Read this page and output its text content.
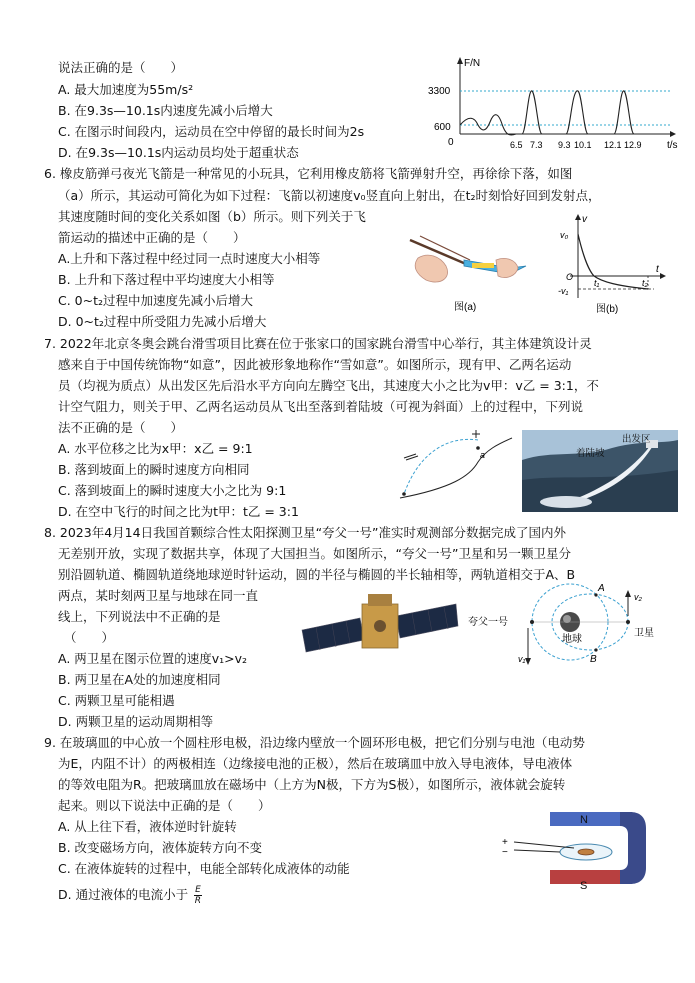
说法正确的是（　　）
A. 最大加速度为55m/s²
B. 在9.3s—10.1s内速度先减小后增大
C. 在图示时间段内，运动员在空中停留的最长时间为2s
D. 在9.3s—10.1s内运动员均处于超重状态
F/N
t/s
3300
600
0	6.5 7.3 9.3 10.1 12.1 12.9
6. 橡皮筋弹弓夜光飞箭是一种常见的小玩具，它利用橡皮筋将飞箭弹射升空，再徐徐下落，如图
（a）所示，其运动可简化为如下过程：飞箭以初速度v₀竖直向上射出，在t₂时刻恰好回到发射点，
其速度随时间的变化关系如图（b）所示。则下列关于飞
箭运动的描述中正确的是（　　）
A.上升和下落过程中经过同一点时速度大小相等
B. 上升和下落过程中平均速度大小相等
C. 0~t₂过程中加速度先减小后增大
D. 0~t₂过程中所受阻力先减小后增大
图(a)
v
v₀
O
t
-v₁
t₁	t₂
图(b)
7. 2022年北京冬奥会跳台滑雪项目比赛在位于张家口的国家跳台滑雪中心举行，其主体建筑设计灵
感来自于中国传统饰物“如意”，因此被形象地称作“雪如意”。如图所示，现有甲、乙两名运动
员（均视为质点）从出发区先后沿水平方向向左腾空飞出，其速度大小之比为v甲：v乙 = 3:1，不
计空气阻力，则关于甲、乙两名运动员从飞出至落到着陆坡（可视为斜面）上的过程中，下列说
法不正确的是（　　）
A. 水平位移之比为x甲：x乙 = 9:1
B. 落到坡面上的瞬时速度方向相同
C. 落到坡面上的瞬时速度大小之比为 9:1
D. 在空中飞行的时间之比为t甲：t乙 = 3:1
a
出发区
着陆坡
8. 2023年4月14日我国首颗综合性太阳探测卫星“夸父一号”准实时观测部分数据完成了国内外
无差别开放，实现了数据共享，体现了大国担当。如图所示，“夸父一号”卫星和另一颗卫星分
别沿圆轨道、椭圆轨道绕地球逆时针运动，圆的半径与椭圆的半长轴相等，两轨道相交于A、B
两点，某时刻两卫星与地球在同一直
线上，下列说法中不正确的是
（　　）
A. 两卫星在图示位置的速度v₁>v₂
B. 两卫星在A处的加速度相同
C. 两颗卫星可能相遇
D. 两颗卫星的运动周期相等
夸父一号
地球
卫星
A
B
v₁
v₂
9. 在玻璃皿的中心放一个圆柱形电极，沿边缘内壁放一个圆环形电极，把它们分别与电池（电动势
为E，内阻不计）的两极相连（边缘接电池的正极），然后在玻璃皿中放入导电液体，导电液体
的等效电阻为R。把玻璃皿放在磁场中（上方为N极，下方为S极），如图所示，液体就会旋转
起来。则以下说法中正确的是（　　）
A. 从上往下看，液体逆时针旋转
B. 改变磁场方向，液体旋转方向不变
C. 在液体旋转的过程中，电能全部转化成液体的动能
D. 通过液体的电流小于 $\frac{E}{R}$
N
S
+
−
